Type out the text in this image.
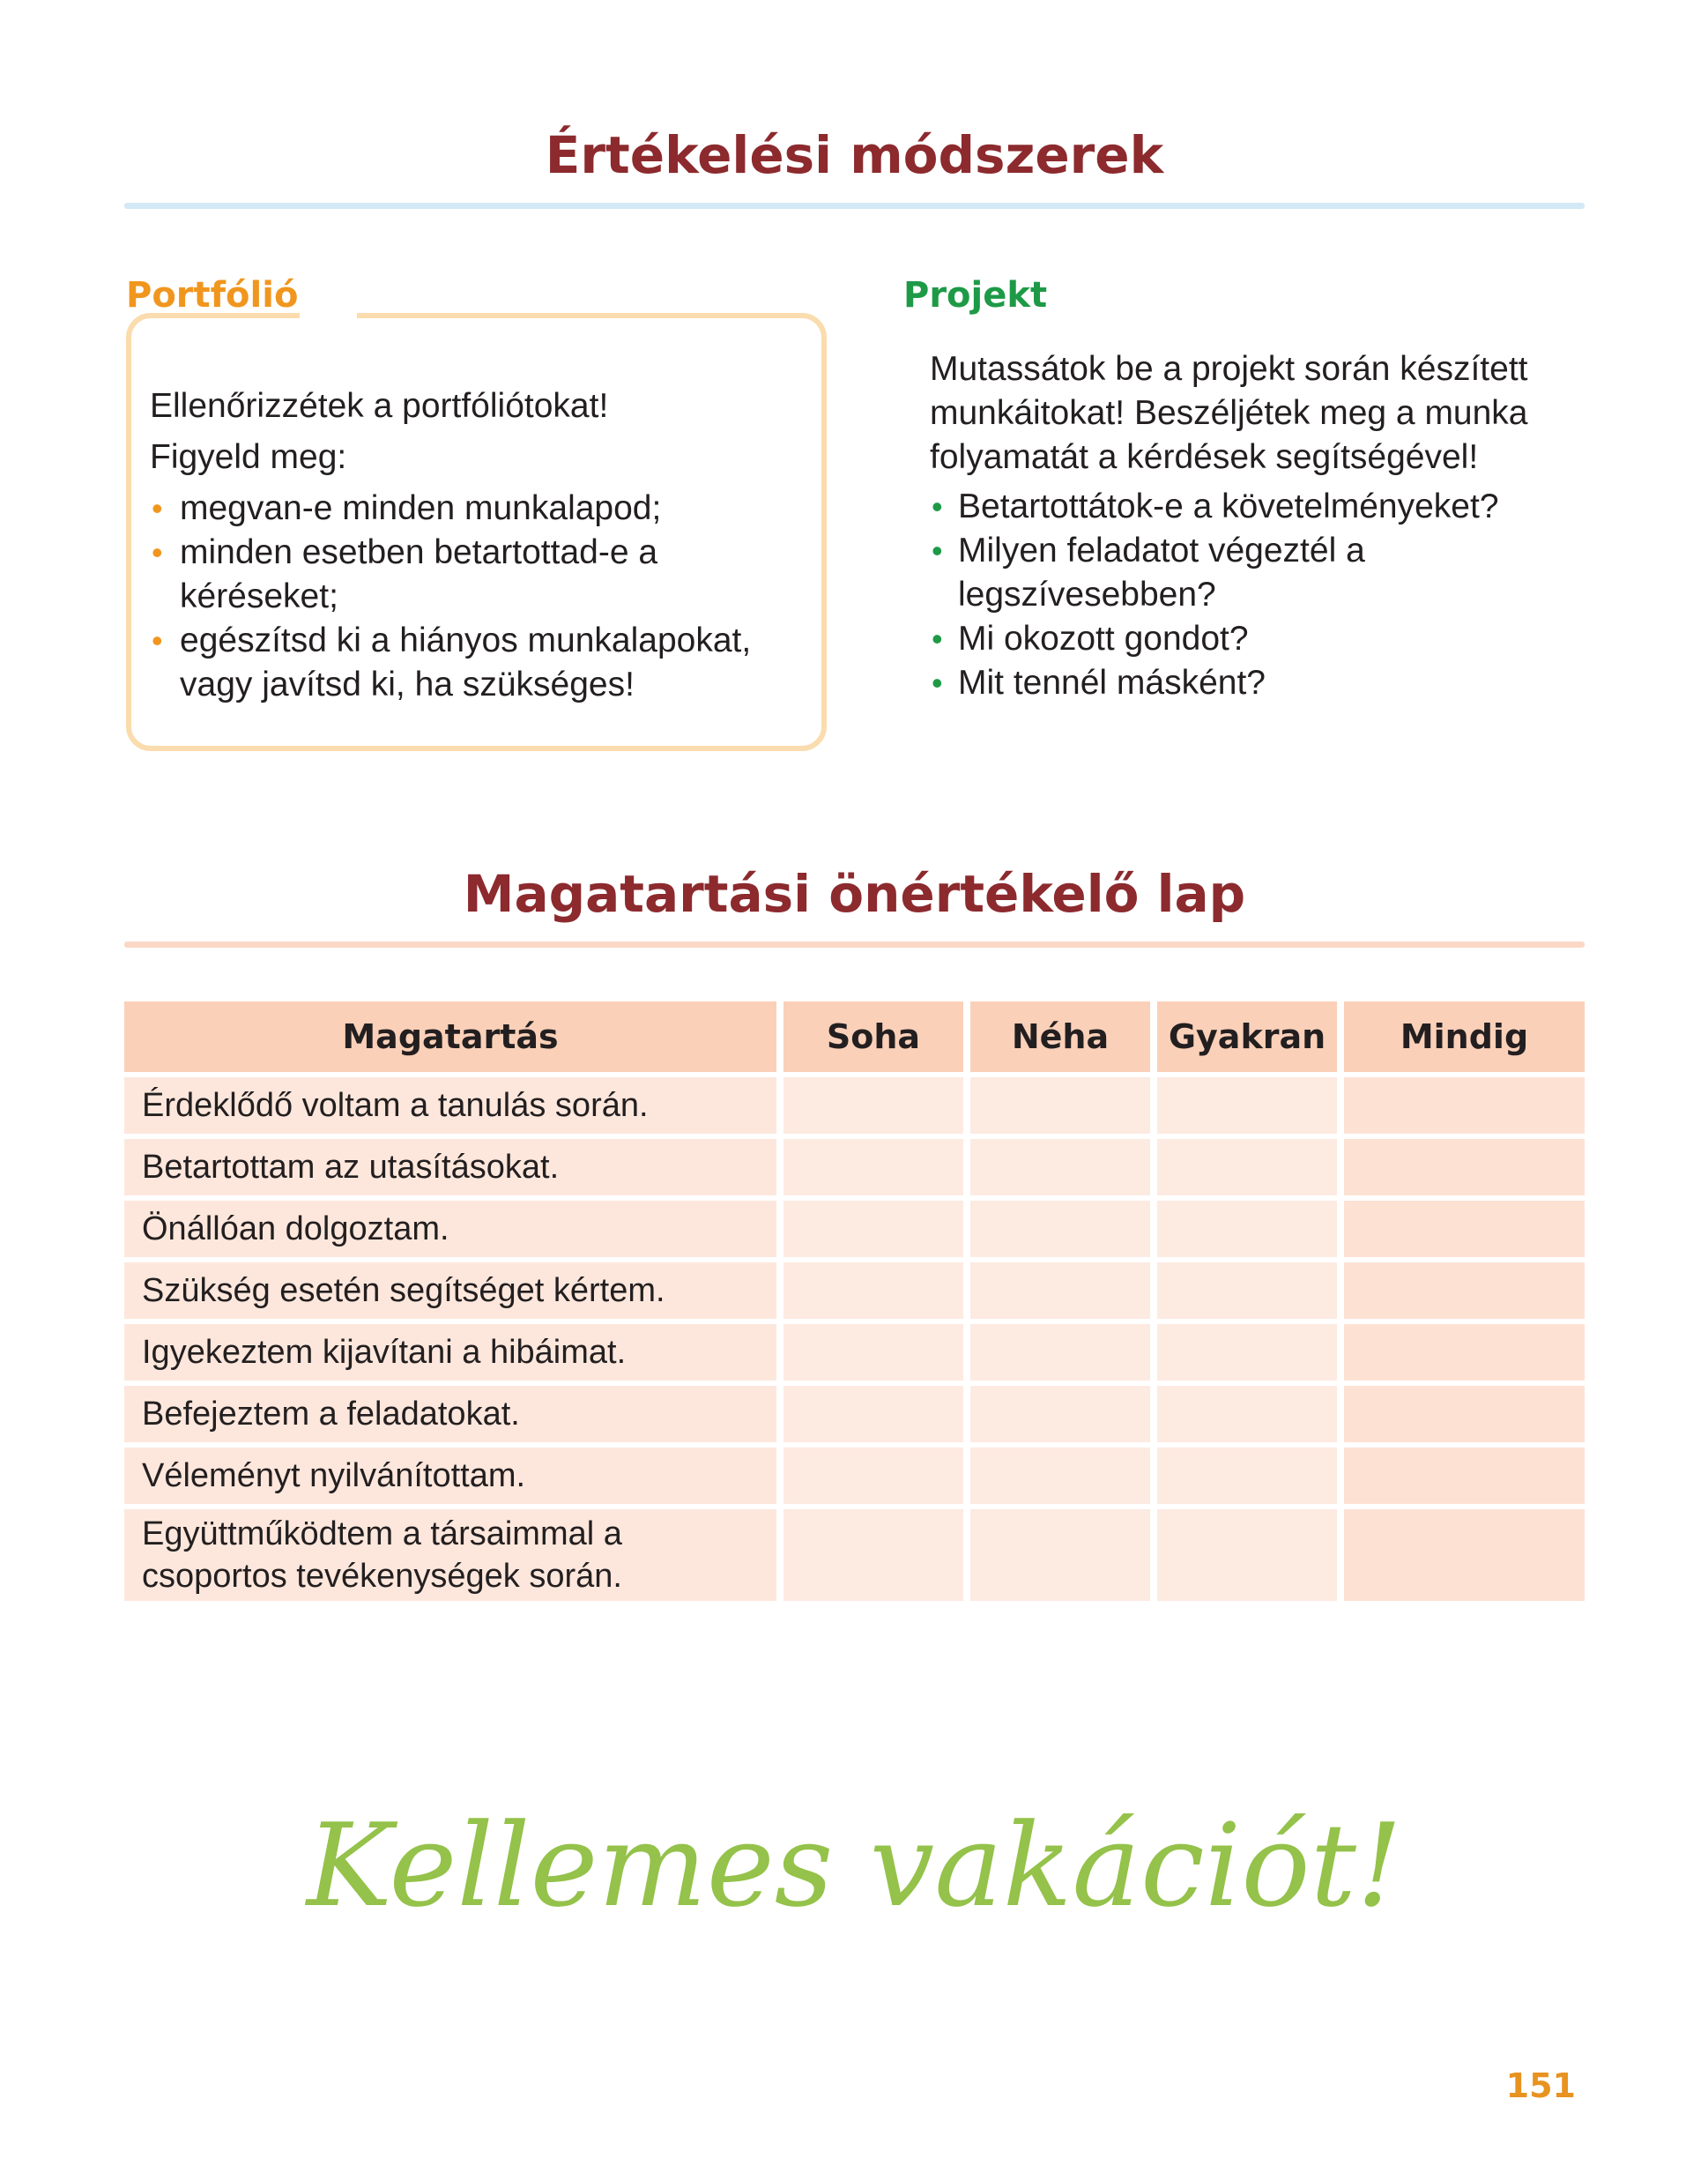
Értékelési módszerek
Portfólió

Ellenőrizzétek a portfóliótokat!

Figyeld meg:

• megvan-e minden munkalapod;
• minden esetben betartottad-e a kéréseket;
• egészítsd ki a hiányos munkalapokat, vagy javítsd ki, ha szükséges!
Projekt

Mutassátok be a projekt során készített munkáitokat! Beszéljétek meg a munka folyamatát a kérdések segítségével!

• Betartottátok-e a követelményeket?
• Milyen feladatot végeztél a legszívesebben?
• Mi okozott gondot?
• Mit tennél másként?
Magatartási önértékelő lap
Magatartás	Soha	Néha	Gyakran	Mindig
Érdeklődő voltam a tanulás során.				
Betartottam az utasításokat.				
Önállóan dolgoztam.				
Szükség esetén segítséget kértem.				
Igyekeztem kijavítani a hibáimat.				
Befejeztem a feladatokat.				
Véleményt nyilvánítottam.				
Együttműködtem a társaimmal a csoportos tevékenységek során.				
Kellemes vakációt!
151
